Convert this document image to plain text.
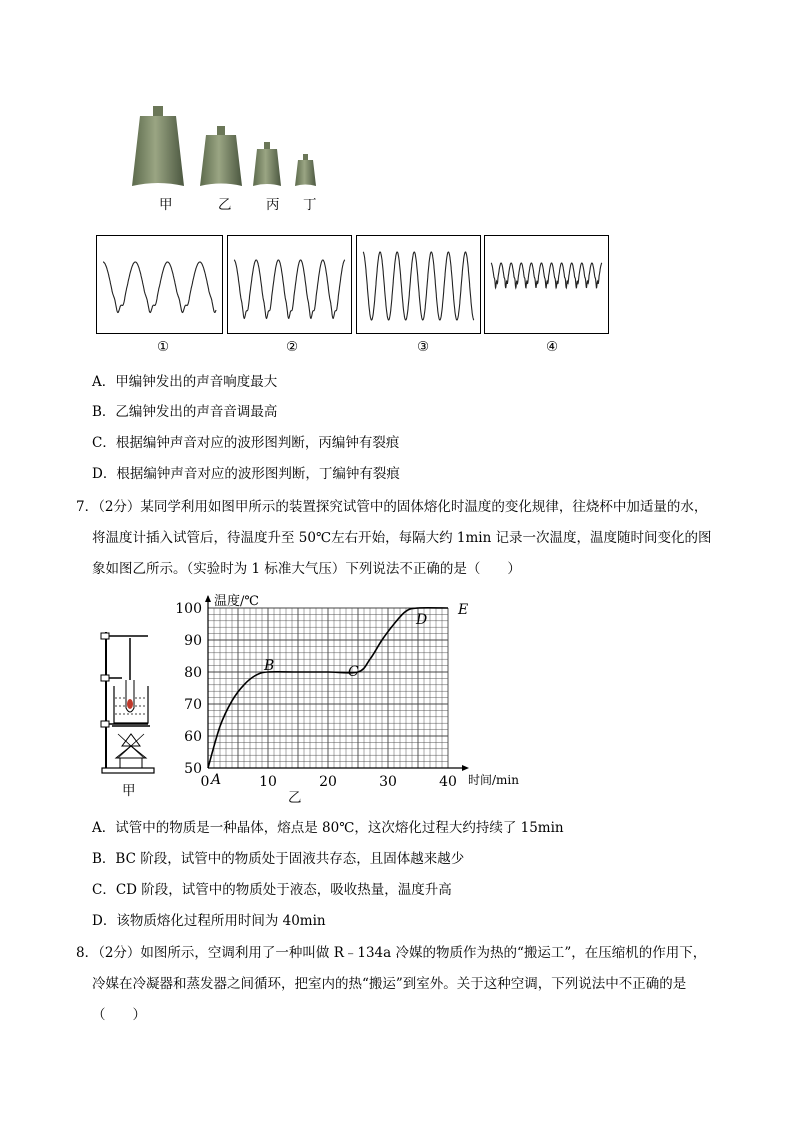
甲	乙	丙 丁
①	②	③	④
A．甲编钟发出的声音响度最大
B．乙编钟发出的声音音调最高
C．根据编钟声音对应的波形图判断，丙编钟有裂痕
D．根据编钟声音对应的波形图判断，丁编钟有裂痕
7．（2分）某同学利用如图甲所示的装置探究试管中的固体熔化时温度的变化规律，往烧杯中加适量的水，
将温度计插入试管后，待温度升至 50℃左右开始，每隔大约 1min 记录一次温度，温度随时间变化的图
象如图乙所示。（实验时为 1 标准大气压）下列说法不正确的是（　　）
甲
50
60
70
80
90
100
0	10	20	30	40
A
B	C
D
E
温度/℃
时间/min
乙
A．试管中的物质是一种晶体，熔点是 80℃，这次熔化过程大约持续了 15min
B．BC 阶段，试管中的物质处于固液共存态，且固体越来越少
C．CD 阶段，试管中的物质处于液态，吸收热量，温度升高
D．该物质熔化过程所用时间为 40min
8．（2分）如图所示，空调利用了一种叫做 R﹣134a 冷媒的物质作为热的“搬运工”，在压缩机的作用下，
冷媒在冷凝器和蒸发器之间循环，把室内的热“搬运”到室外。关于这种空调，下列说法中不正确的是
（　　）
